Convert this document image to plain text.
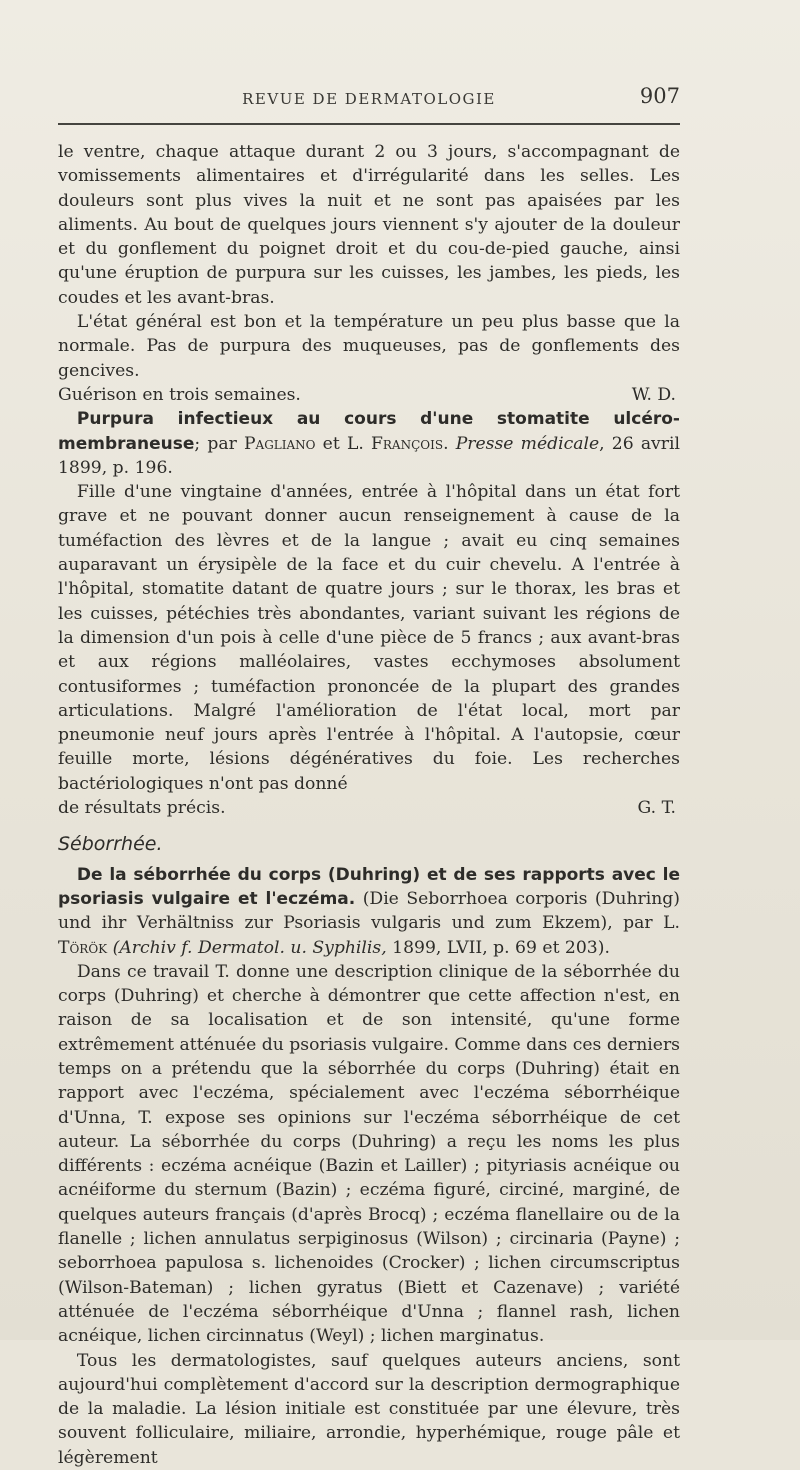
REVUE DE DERMATOLOGIE	907

le ventre, chaque attaque durant 2 ou 3 jours, s'accompagnant de vomissements alimentaires et d'irrégularité dans les selles. Les douleurs sont plus vives la nuit et ne sont pas apaisées par les aliments. Au bout de quelques jours viennent s'y ajouter de la douleur et du gonflement du poignet droit et du cou-de-pied gauche, ainsi qu'une éruption de purpura sur les cuisses, les jambes, les pieds, les coudes et les avant-bras.

L'état général est bon et la température un peu plus basse que la normale. Pas de purpura des muqueuses, pas de gonflements des gencives.

Guérison en trois semaines.	W. D.

Purpura infectieux au cours d'une stomatite ulcéro-membraneuse; par Pagliano et L. François. Presse médicale, 26 avril 1899, p. 196.

Fille d'une vingtaine d'années, entrée à l'hôpital dans un état fort grave et ne pouvant donner aucun renseignement à cause de la tuméfaction des lèvres et de la langue ; avait eu cinq semaines auparavant un érysipèle de la face et du cuir chevelu. A l'entrée à l'hôpital, stomatite datant de quatre jours ; sur le thorax, les bras et les cuisses, pétéchies très abondantes, variant suivant les régions de la dimension d'un pois à celle d'une pièce de 5 francs ; aux avant-bras et aux régions malléolaires, vastes ecchymoses absolument contusiformes ; tuméfaction prononcée de la plupart des grandes articulations. Malgré l'amélioration de l'état local, mort par pneumonie neuf jours après l'entrée à l'hôpital. A l'autopsie, cœur feuille morte, lésions dégénératives du foie. Les recherches bactériologiques n'ont pas donné

de résultats précis.	G. T.
Séborrhée.

De la séborrhée du corps (Duhring) et de ses rapports avec le psoriasis vulgaire et l'eczéma. (Die Seborrhoea corporis (Duhring) und ihr Verhältniss zur Psoriasis vulgaris und zum Ekzem), par L. Török (Archiv f. Dermatol. u. Syphilis, 1899, LVII, p. 69 et 203).

Dans ce travail T. donne une description clinique de la séborrhée du corps (Duhring) et cherche à démontrer que cette affection n'est, en raison de sa localisation et de son intensité, qu'une forme extrêmement atténuée du psoriasis vulgaire. Comme dans ces derniers temps on a prétendu que la séborrhée du corps (Duhring) était en rapport avec l'eczéma, spécialement avec l'eczéma séborrhéique d'Unna, T. expose ses opinions sur l'eczéma séborrhéique de cet auteur. La séborrhée du corps (Duhring) a reçu les noms les plus différents : eczéma acnéique (Bazin et Lailler) ; pityriasis acnéique ou acnéiforme du sternum (Bazin) ; eczéma figuré, circiné, marginé, de quelques auteurs français (d'après Brocq) ; eczéma flanellaire ou de la flanelle ; lichen annulatus serpiginosus (Wilson) ; circinaria (Payne) ; seborrhoea papulosa s. lichenoides (Crocker) ; lichen circumscriptus (Wilson-Bateman) ; lichen gyratus (Biett et Cazenave) ; variété atténuée de l'eczéma séborrhéique d'Unna ; flannel rash, lichen acnéique, lichen circinnatus (Weyl) ; lichen marginatus.

Tous les dermatologistes, sauf quelques auteurs anciens, sont aujourd'hui complètement d'accord sur la description dermographique de la maladie. La lésion initiale est constituée par une élevure, très souvent folliculaire, miliaire, arrondie, hyperhémique, rouge pâle et légèrement
